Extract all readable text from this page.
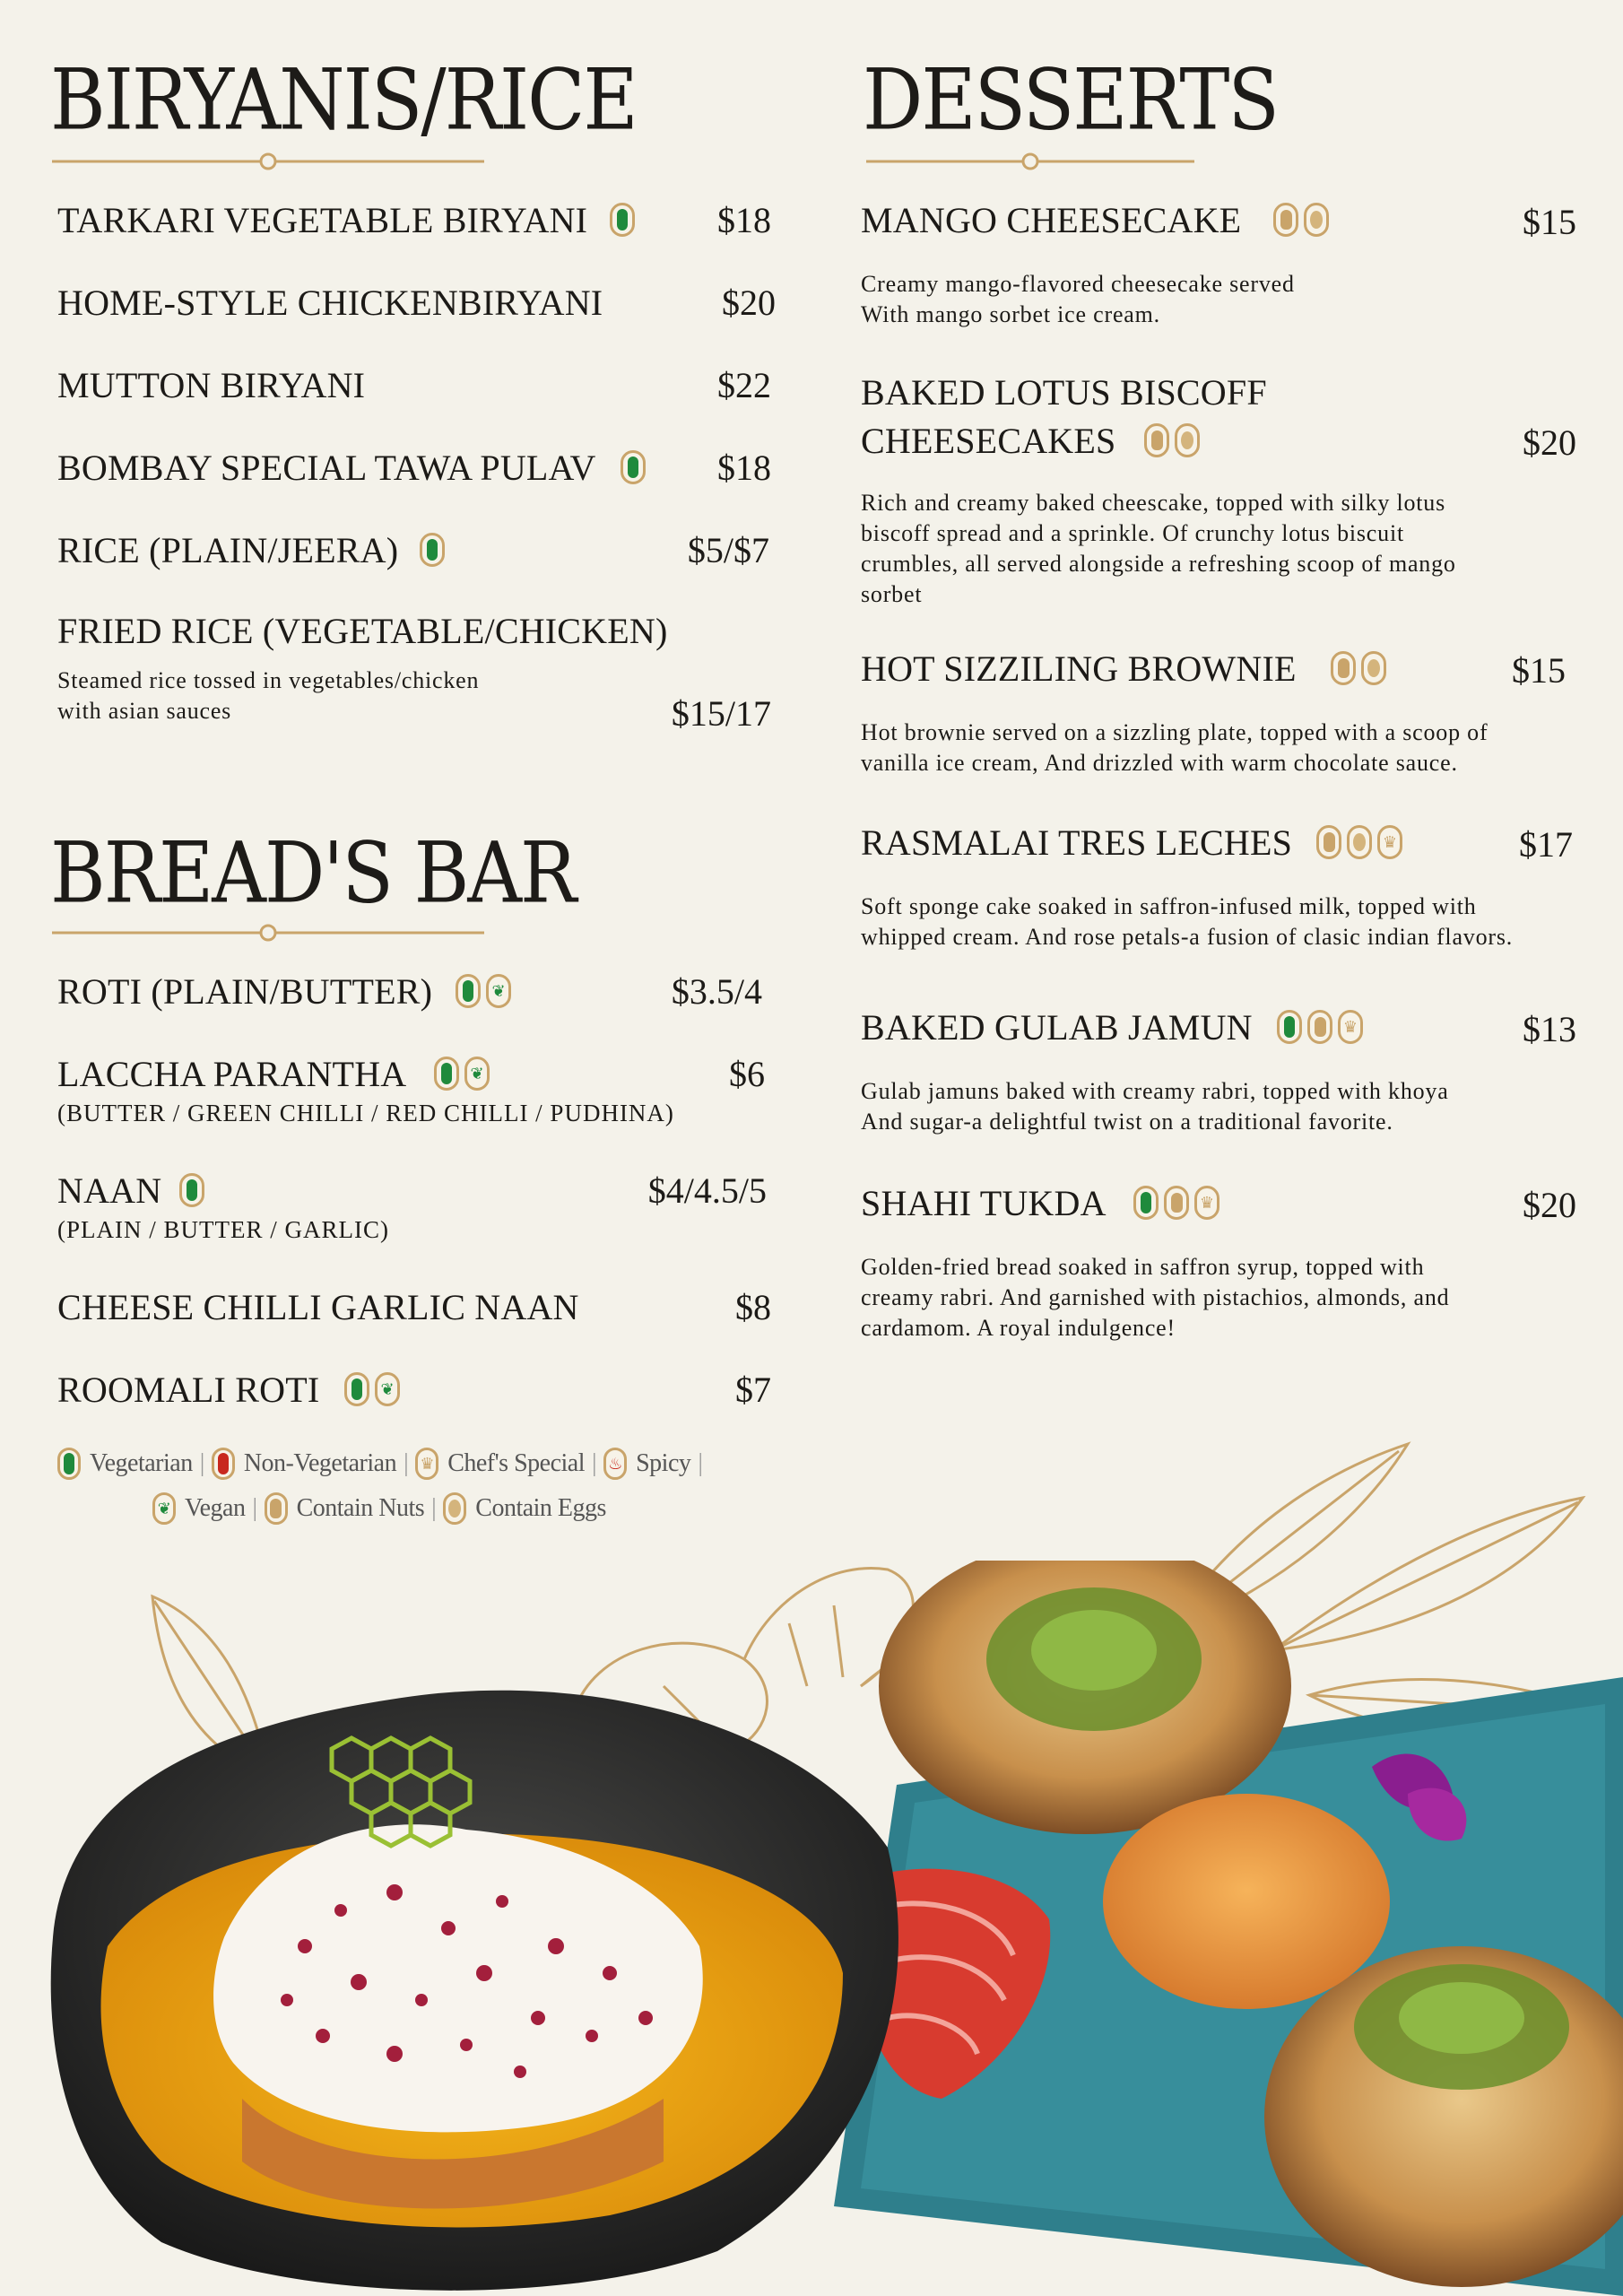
BIRYANIS/RICE
TARKARI VEGETABLE BIRYANI	$18
HOME-STYLE CHICKENBIRYANI	$20
MUTTON BIRYANI	$22
BOMBAY SPECIAL TAWA PULAV	$18
RICE (PLAIN/JEERA)	$5/$7
FRIED RICE (VEGETABLE/CHICKEN)
Steamed rice tossed in vegetables/chicken
with asian sauces	$15/17
BREAD'S BAR
ROTI (PLAIN/BUTTER)	❦	$3.5/4
LACCHA PARANTHA	❦	$6
(BUTTER / GREEN CHILLI / RED CHILLI / PUDHINA)
NAAN	$4/4.5/5
(PLAIN / BUTTER / GARLIC)
CHEESE CHILLI GARLIC NAAN	$8
ROOMALI ROTI	❦	$7
Vegetarian | Non-Vegetarian | ♛ Chef's Special | ♨ Spicy |
❦ Vegan | Contain Nuts | Contain Eggs
DESSERTS
MANGO CHEESECAKE	$15
Creamy mango-flavored cheesecake served
With mango sorbet ice cream.
BAKED LOTUS BISCOFF
CHEESECAKES	$20
Rich and creamy baked cheescake, topped with silky lotus
biscoff spread and a sprinkle. Of crunchy lotus biscuit
crumbles, all served alongside a refreshing scoop of mango
sorbet
HOT SIZZILING BROWNIE	$15
Hot brownie served on a sizzling plate, topped with a scoop of
vanilla ice cream, And drizzled with warm chocolate sauce.
RASMALAI TRES LECHES	♛	$17
Soft sponge cake soaked in saffron-infused milk, topped with
whipped cream. And rose petals-a fusion of clasic indian flavors.
BAKED GULAB JAMUN	♛	$13
Gulab jamuns baked with creamy rabri, topped with khoya
And sugar-a delightful twist on a traditional favorite.
SHAHI TUKDA	♛	$20
Golden-fried bread soaked in saffron syrup, topped with
creamy rabri. And garnished with pistachios, almonds, and
cardamom. A royal indulgence!
